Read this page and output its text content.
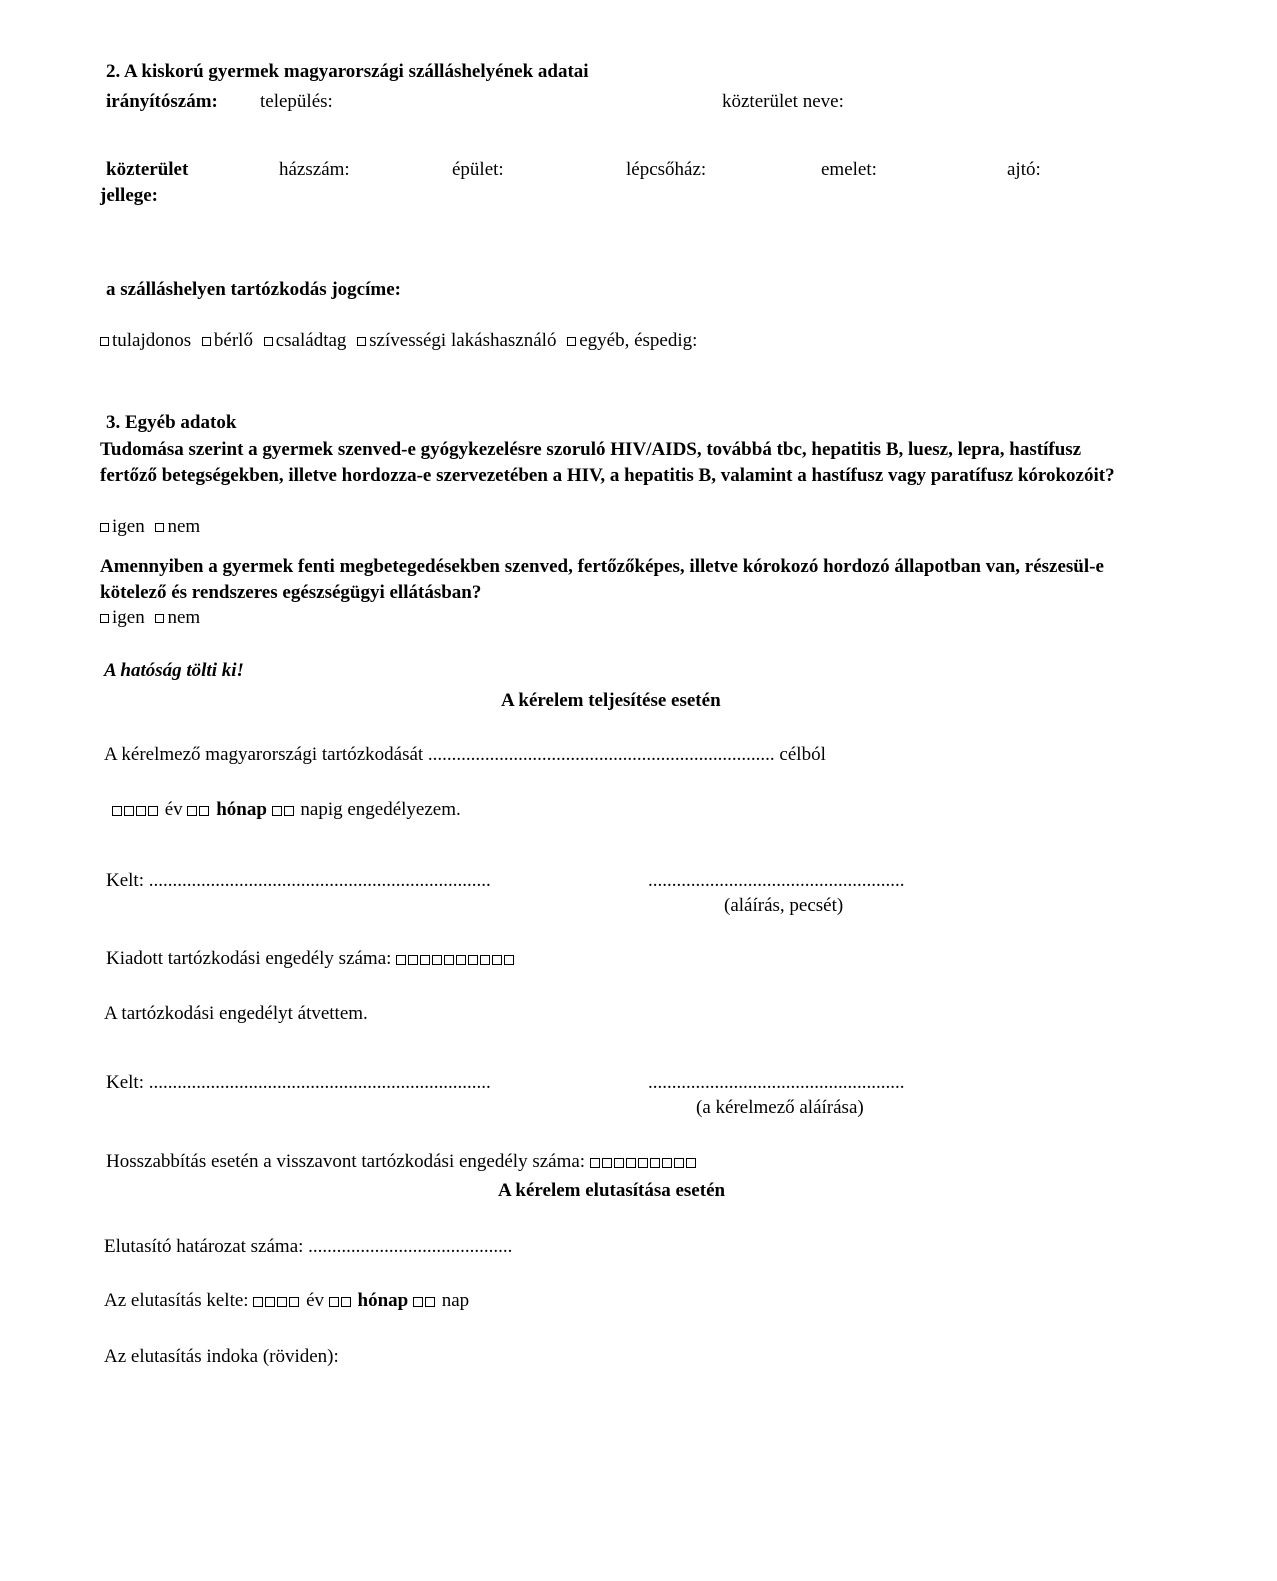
2. A kiskorú gyermek magyarországi szálláshelyének adatai
irányítószám: település:	közterület neve:
közterület
jellege:
házszám:	épület:	lépcsőház:	emelet:	ajtó:
a szálláshelyen tartózkodás jogcíme:
tulajdonos bérlő családtag szívességi lakáshasználó egyéb, éspedig:
3. Egyéb adatok
Tudomása szerint a gyermek szenved-e gyógykezelésre szoruló HIV/AIDS, továbbá tbc, hepatitis B, luesz, lepra, hastífusz fertőző betegségekben, illetve hordozza-e szervezetében a HIV, a hepatitis B, valamint a hastífusz vagy paratífusz kórokozóit?
igen nem
Amennyiben a gyermek fenti megbetegedésekben szenved, fertőzőképes, illetve kórokozó hordozó állapotban van, részesül-e kötelező és rendszeres egészségügyi ellátásban?
igen nem
A hatóság tölti ki!
A kérelem teljesítése esetén
A kérelmező magyarországi tartózkodását ......................................................................... célból
év hónap napig engedélyezem.
Kelt: ........................................................................	......................................................
(aláírás, pecsét)
Kiadott tartózkodási engedély száma:
A tartózkodási engedélyt átvettem.
Kelt: ........................................................................	......................................................
(a kérelmező aláírása)
Hosszabbítás esetén a visszavont tartózkodási engedély száma:
A kérelem elutasítása esetén
Elutasító határozat száma: ...........................................
Az elutasítás kelte:	év hónap nap
Az elutasítás indoka (röviden):
